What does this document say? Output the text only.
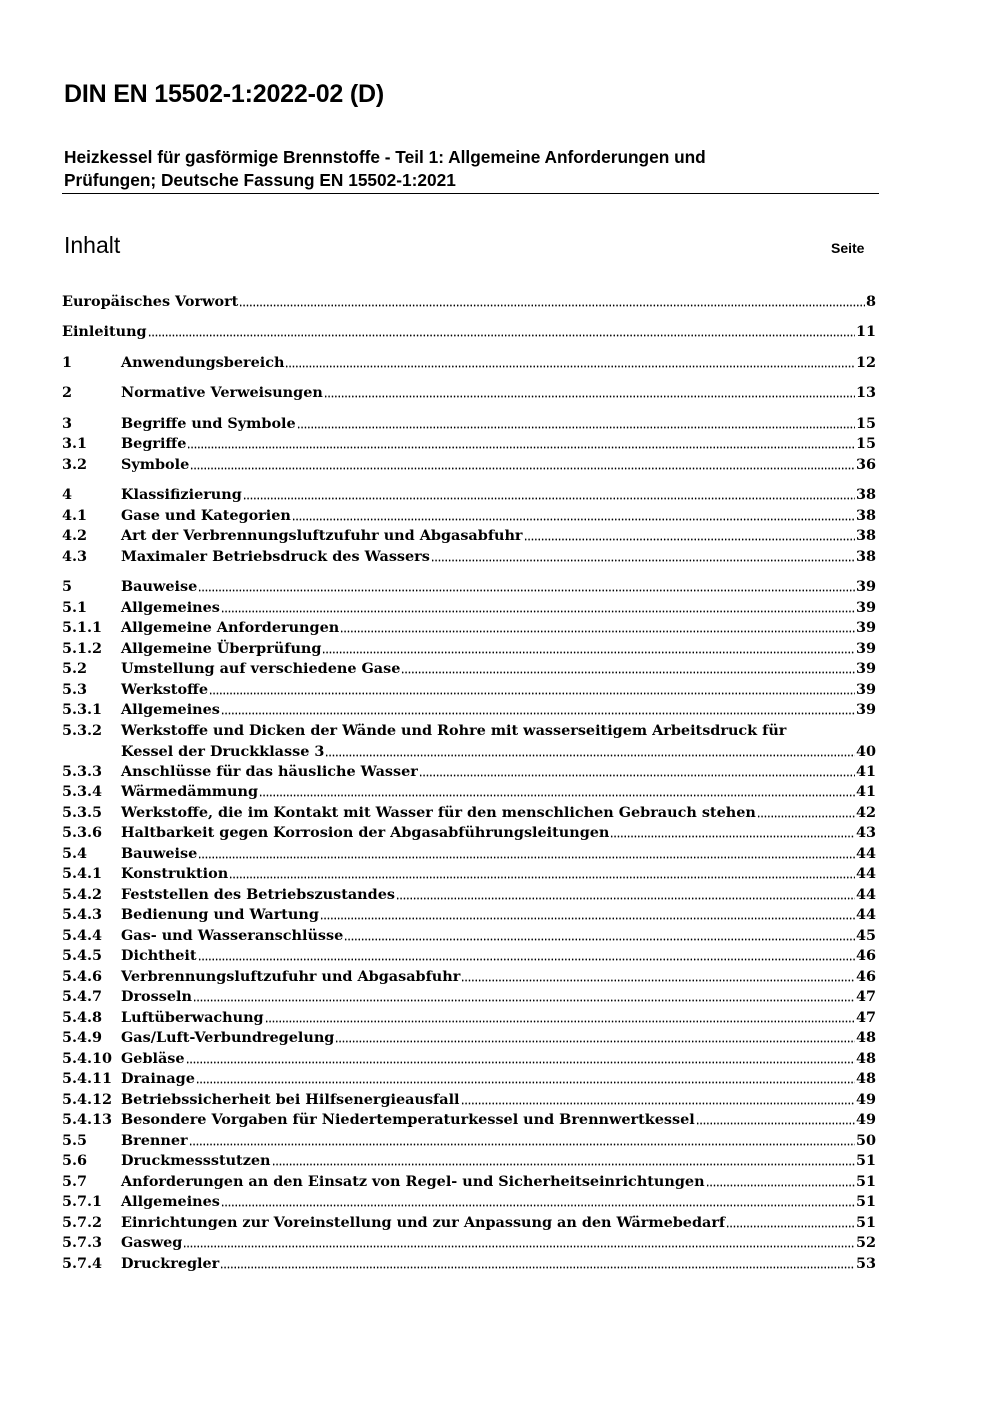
DIN EN 15502-1:2022-02 (D)
Heizkessel für gasförmige Brennstoffe - Teil 1: Allgemeine Anforderungen und
Prüfungen; Deutsche Fassung EN 15502-1:2021
Inhalt	Seite
Europäisches Vorwort	8
Einleitung	11
1	Anwendungsbereich	12
2	Normative Verweisungen	13
3	Begriffe und Symbole	15
3.1 Begriffe	15
3.2 Symbole	36
4	Klassifizierung	38
4.1 Gase und Kategorien	38
4.2 Art der Verbrennungsluftzufuhr und Abgasabfuhr	38
4.3 Maximaler Betriebsdruck des Wassers	38
5	Bauweise	39
5.1 Allgemeines	39
5.1.1 Allgemeine Anforderungen	39
5.1.2 Allgemeine Überprüfung	39
5.2 Umstellung auf verschiedene Gase	39
5.3 Werkstoffe	39
5.3.1 Allgemeines	39
5.3.2 Werkstoffe und Dicken der Wände und Rohre mit wasserseitigem Arbeitsdruck für
Kessel der Druckklasse 3	40
5.3.3 Anschlüsse für das häusliche Wasser	41
5.3.4 Wärmedämmung	41
5.3.5 Werkstoffe, die im Kontakt mit Wasser für den menschlichen Gebrauch stehen	42
5.3.6 Haltbarkeit gegen Korrosion der Abgasabführungsleitungen	43
5.4 Bauweise	44
5.4.1 Konstruktion	44
5.4.2 Feststellen des Betriebszustandes	44
5.4.3 Bedienung und Wartung	44
5.4.4 Gas- und Wasseranschlüsse	45
5.4.5 Dichtheit	46
5.4.6 Verbrennungsluftzufuhr und Abgasabfuhr	46
5.4.7 Drosseln	47
5.4.8 Luftüberwachung	47
5.4.9 Gas/Luft-Verbundregelung	48
5.4.10 Gebläse	48
5.4.11 Drainage	48
5.4.12 Betriebssicherheit bei Hilfsenergieausfall	49
5.4.13 Besondere Vorgaben für Niedertemperaturkessel und Brennwertkessel	49
5.5 Brenner	50
5.6 Druckmessstutzen	51
5.7 Anforderungen an den Einsatz von Regel- und Sicherheitseinrichtungen	51
5.7.1 Allgemeines	51
5.7.2 Einrichtungen zur Voreinstellung und zur Anpassung an den Wärmebedarf	51
5.7.3 Gasweg	52
5.7.4 Druckregler	53
